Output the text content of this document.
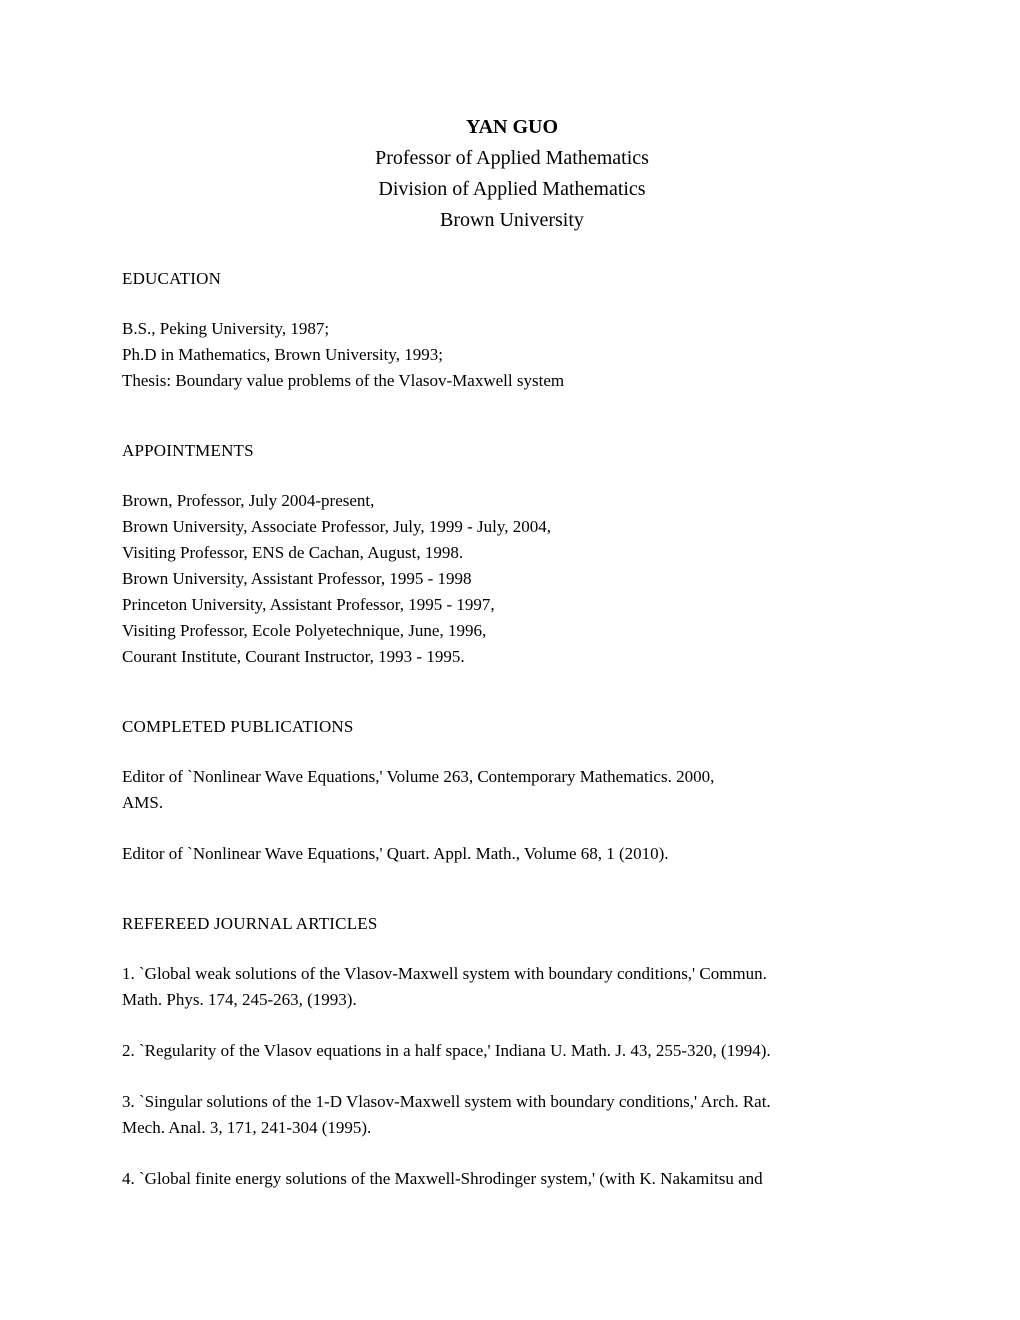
YAN GUO
Professor of Applied Mathematics
Division of Applied Mathematics
Brown University
EDUCATION
B.S., Peking University, 1987;
Ph.D in Mathematics, Brown University, 1993;
Thesis: Boundary value problems of the Vlasov-Maxwell system
APPOINTMENTS
Brown, Professor, July 2004-present,
Brown University, Associate Professor, July, 1999 - July, 2004,
Visiting Professor, ENS de Cachan, August, 1998.
Brown University, Assistant Professor, 1995 - 1998
Princeton University, Assistant Professor, 1995 - 1997,
Visiting Professor, Ecole Polyetechnique, June, 1996,
Courant Institute, Courant Instructor, 1993 - 1995.
COMPLETED PUBLICATIONS
Editor of `Nonlinear Wave Equations,' Volume 263, Contemporary Mathematics. 2000,
AMS.
Editor of `Nonlinear Wave Equations,' Quart. Appl. Math., Volume 68, 1 (2010).
REFEREED JOURNAL ARTICLES
1. `Global weak solutions of the Vlasov-Maxwell system with boundary conditions,' Commun.
Math. Phys. 174, 245-263, (1993).
2. `Regularity of the Vlasov equations in a half space,' Indiana U. Math. J. 43, 255-320, (1994).
3. `Singular solutions of the 1-D Vlasov-Maxwell system with boundary conditions,' Arch. Rat.
Mech. Anal. 3, 171, 241-304 (1995).
4. `Global finite energy solutions of the Maxwell-Shrodinger system,' (with K. Nakamitsu and
